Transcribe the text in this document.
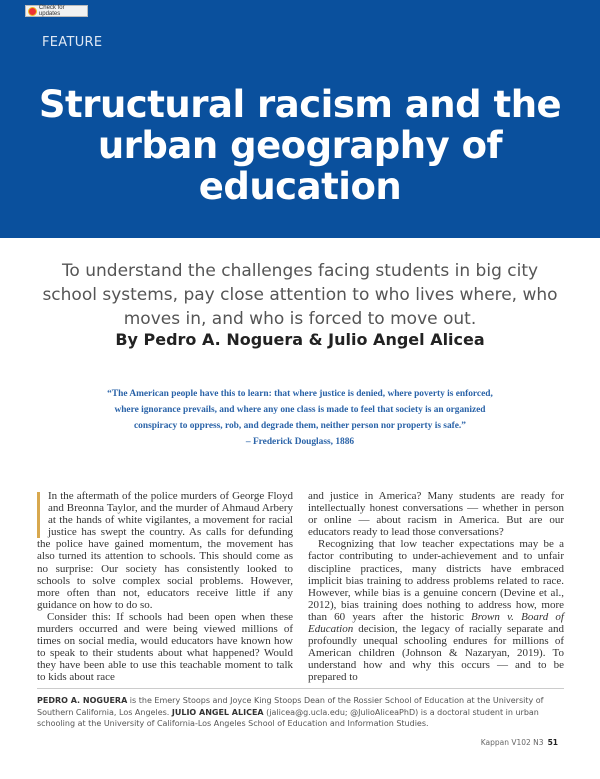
Check for updates
FEATURE
Structural racism and the
urban geography of education
To understand the challenges facing students in big city school systems, pay close attention to who lives where, who moves in, and who is forced to move out.
By Pedro A. Noguera & Julio Angel Alicea
“The American people have this to learn: that where justice is denied, where poverty is enforced, where ignorance prevails, and where any one class is made to feel that society is an organized conspiracy to oppress, rob, and degrade them, neither person nor property is safe.”
– Frederick Douglass, 1886

In the aftermath of the police murders of George Floyd and Breonna Taylor, and the murder of Ahmaud Arbery at the hands of white vigilantes, a movement for racial justice has swept the country. As calls for defunding the police have gained momentum, the movement has also turned its attention to schools. This should come as no surprise: Our society has consistently looked to schools to solve complex social problems. However, more often than not, educators receive little if any guidance on how to do so.

Consider this: If schools had been open when these murders occurred and were being viewed millions of times on social media, would educators have known how to speak to their students about what happened? Would they have been able to use this teachable moment to talk to kids about race

and justice in America? Many students are ready for intellectually honest conversations — whether in person or online — about racism in America. But are our educators ready to lead those conversations?

Recognizing that low teacher expectations may be a factor contributing to under-achievement and to unfair discipline practices, many districts have embraced implicit bias training to address problems related to race. However, while bias is a genuine concern (Devine et al., 2012), bias training does nothing to address how, more than 60 years after the historic Brown v. Board of Education decision, the legacy of racially separate and profoundly unequal schooling endures for millions of American children (Johnson & Nazaryan, 2019). To understand how and why this occurs — and to be prepared to

PEDRO A. NOGUERA is the Emery Stoops and Joyce King Stoops Dean of the Rossier School of Education at the University of Southern California, Los Angeles. JULIO ANGEL ALICEA (jalicea@g.ucla.edu; @JulioAliceaPhD) is a doctoral student in urban schooling at the University of California-Los Angeles School of Education and Information Studies.
Kappan V102 N3 51
